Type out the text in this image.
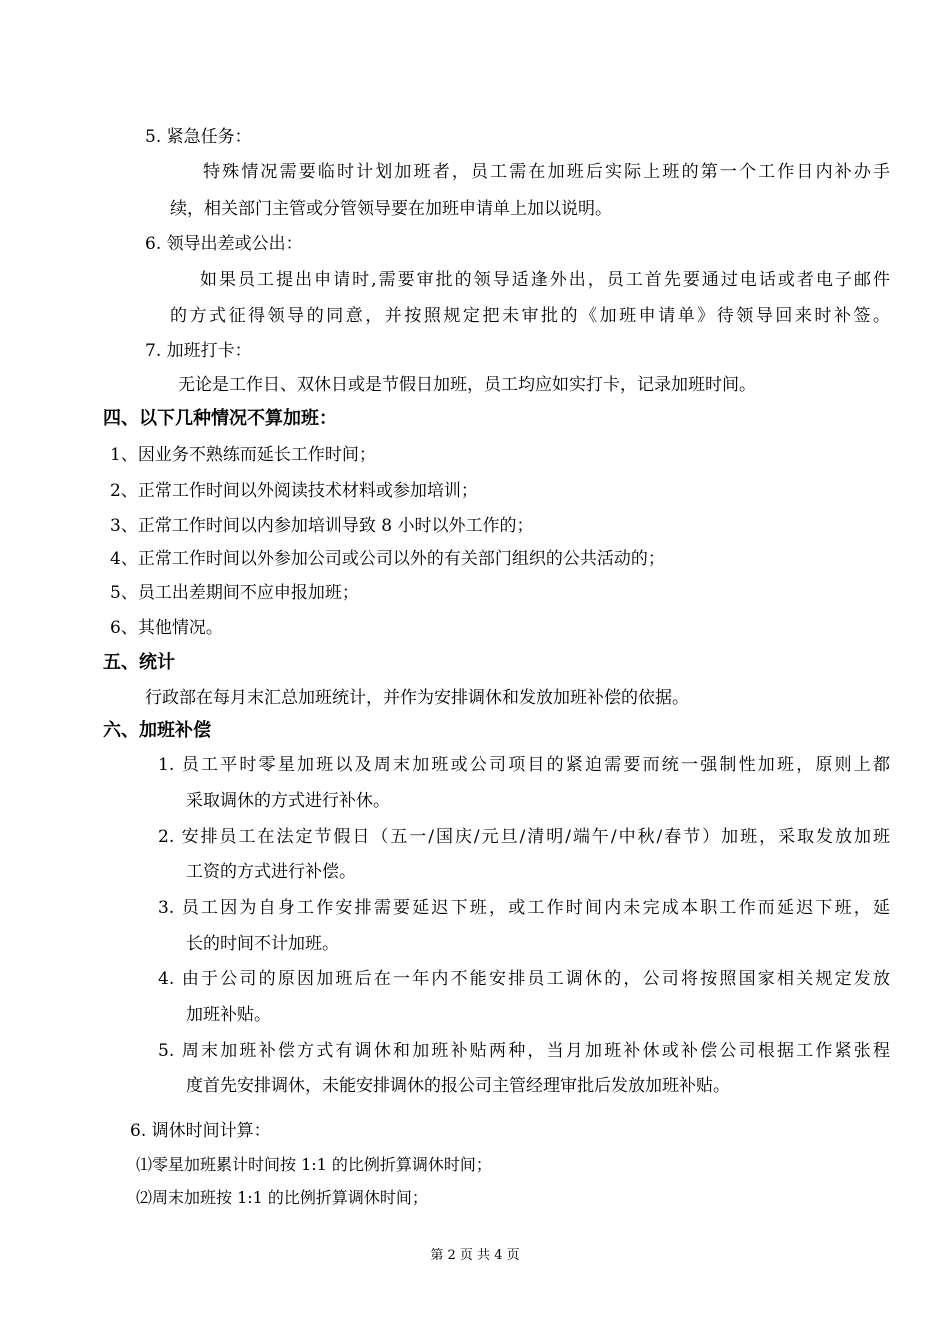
5. 紧急任务：
特殊情况需要临时计划加班者，员工需在加班后实际上班的第一个工作日内补办手
续，相关部门主管或分管领导要在加班申请单上加以说明。
6. 领导出差或公出：
如果员工提出申请时,需要审批的领导适逢外出，员工首先要通过电话或者电子邮件
的方式征得领导的同意，并按照规定把未审批的《加班申请单》待领导回来时补签。
7. 加班打卡：
无论是工作日、双休日或是节假日加班，员工均应如实打卡，记录加班时间。
四、以下几种情况不算加班：
1、因业务不熟练而延长工作时间；
2、正常工作时间以外阅读技术材料或参加培训；
3、正常工作时间以内参加培训导致 8 小时以外工作的；
4、正常工作时间以外参加公司或公司以外的有关部门组织的公共活动的；
5、员工出差期间不应申报加班；
6、其他情况。
五、统计
行政部在每月末汇总加班统计，并作为安排调休和发放加班补偿的依据。
六、加班补偿
1. 员工平时零星加班以及周末加班或公司项目的紧迫需要而统一强制性加班，原则上都
采取调休的方式进行补休。
2. 安排员工在法定节假日（五一/国庆/元旦/清明/端午/中秋/春节）加班，采取发放加班
工资的方式进行补偿。
3. 员工因为自身工作安排需要延迟下班，或工作时间内未完成本职工作而延迟下班，延
长的时间不计加班。
4. 由于公司的原因加班后在一年内不能安排员工调休的，公司将按照国家相关规定发放
加班补贴。
5. 周末加班补偿方式有调休和加班补贴两种，当月加班补休或补偿公司根据工作紧张程
度首先安排调休，未能安排调休的报公司主管经理审批后发放加班补贴。
6. 调休时间计算：
⑴零星加班累计时间按 1:1 的比例折算调休时间；
⑵周末加班按 1:1 的比例折算调休时间；
第 2 页 共 4 页
